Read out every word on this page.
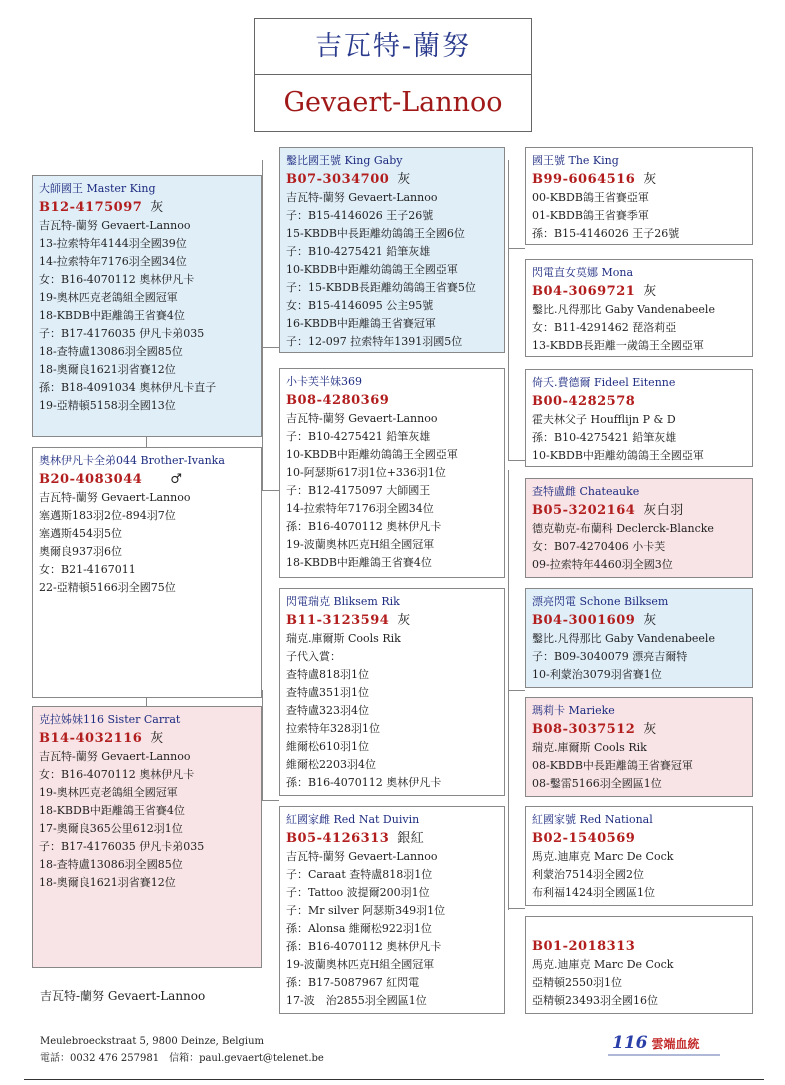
吉瓦特-蘭努
Gevaert-Lannoo
大師國王 Master King
B12-4175097 灰
吉瓦特-蘭努 Gevaert-Lannoo
13-拉索特年4144羽全國39位
14-拉索特年7176羽全國34位
女：B16-4070112 奧林伊凡卡
19-奧林匹克老鴿組全國冠軍
18-KBDB中距離鴿王省賽4位
子：B17-4176035 伊凡卡弟035
18-查特盧13086羽全國85位
18-奧爾良1621羽省賽12位
孫：B18-4091034 奧林伊凡卡直子
19-亞精頓5158羽全國13位
奧林伊凡卡全弟044 Brother-Ivanka
B20-4083044 ♂
吉瓦特-蘭努 Gevaert-Lannoo
塞邁斯183羽2位-894羽7位
塞邁斯454羽5位
奧爾良937羽6位
女：B21-4167011
22-亞精頓5166羽全國75位
克拉姊妹116 Sister Carrat
B14-4032116 灰
吉瓦特-蘭努 Gevaert-Lannoo
女：B16-4070112 奧林伊凡卡
19-奧林匹克老鴿組全國冠軍
18-KBDB中距離鴿王省賽4位
17-奧爾良365公里612羽1位
子：B17-4176035 伊凡卡弟035
18-查特盧13086羽全國85位
18-奧爾良1621羽省賽12位
鑿比國王號 King Gaby
B07-3034700 灰
吉瓦特-蘭努 Gevaert-Lannoo
子：B15-4146026 王子26號
15-KBDB中長距離幼鴿鴿王全國6位
子：B10-4275421 鉛筆灰雄
10-KBDB中距離幼鴿鴿王全國亞軍
子：15-KBDB長距離幼鴿鴿王省賽5位
女：B15-4146095 公主95號
16-KBDB中距離鴿王省賽冠軍
子：12-097 拉索特年1391羽國5位
小卡芙半妹369
B08-4280369
吉瓦特-蘭努 Gevaert-Lannoo
子：B10-4275421 鉛筆灰雄
10-KBDB中距離幼鴿鴿王全國亞軍
10-阿瑟斯617羽1位+336羽1位
子：B12-4175097 大師國王
14-拉索特年7176羽全國34位
孫：B16-4070112 奧林伊凡卡
19-波蘭奧林匹克H組全國冠軍
18-KBDB中距離鴿王省賽4位
閃電瑞克 Bliksem Rik
B11-3123594 灰
瑞克.庫爾斯 Cools Rik
子代入賞：
查特盧818羽1位
查特盧351羽1位
查特盧323羽4位
拉索特年328羽1位
維爾松610羽1位
維爾松2203羽4位
孫：B16-4070112 奧林伊凡卡
紅國家雌 Red Nat Duivin
B05-4126313 銀紅
吉瓦特-蘭努 Gevaert-Lannoo
子：Caraat 查特盧818羽1位
子：Tattoo 波提爾200羽1位
子：Mr silver 阿瑟斯349羽1位
孫：Alonsa 維爾松922羽1位
孫：B16-4070112 奧林伊凡卡
19-波蘭奧林匹克H組全國冠軍
孫：B17-5087967 紅閃電
17-波　治2855羽全國區1位
國王號 The King
B99-6064516 灰
00-KBDB鴿王省賽亞軍
01-KBDB鴿王省賽季軍
孫：B15-4146026 王子26號
閃電直女莫娜 Mona
B04-3069721 灰
鑿比.凡得那比 Gaby Vandenabeele
女：B11-4291462 琵洛莉亞
13-KBDB長距離一歲鴿王全國亞軍
倚夭.費德爾 Fideel Eitenne
B00-4282578
霍夫林父子 Houfflijn P & D
孫：B10-4275421 鉛筆灰雄
10-KBDB中距離幼鴿鴿王全國亞軍
查特盧雌 Chateauke
B05-3202164 灰白羽
德克勒克-布蘭科 Declerck-Blancke
女：B07-4270406 小卡芙
09-拉索特年4460羽全國3位
漂亮閃電 Schone Bilksem
B04-3001609 灰
鑿比.凡得那比 Gaby Vandenabeele
子：B09-3040079 漂亮吉爾特
10-利蒙治3079羽省賽1位
瑪莉卡 Marieke
B08-3037512 灰
瑞克.庫爾斯 Cools Rik
08-KBDB中長距離鴿王省賽冠軍
08-鑿雷5166羽全國區1位
紅國家號 Red National
B02-1540569
馬克.迪庫克 Marc De Cock
利蒙治7514羽全國2位
布利福1424羽全國區1位
B01-2018313
馬克.迪庫克 Marc De Cock
亞精頓2550羽1位
亞精頓23493羽全國16位
吉瓦特-蘭努 Gevaert-Lannoo
Meulebroeckstraat 5, 9800 Deinze, Belgium
電話：0032 476 257981　信箱：paul.gevaert@telenet.be
116 雲端血統
